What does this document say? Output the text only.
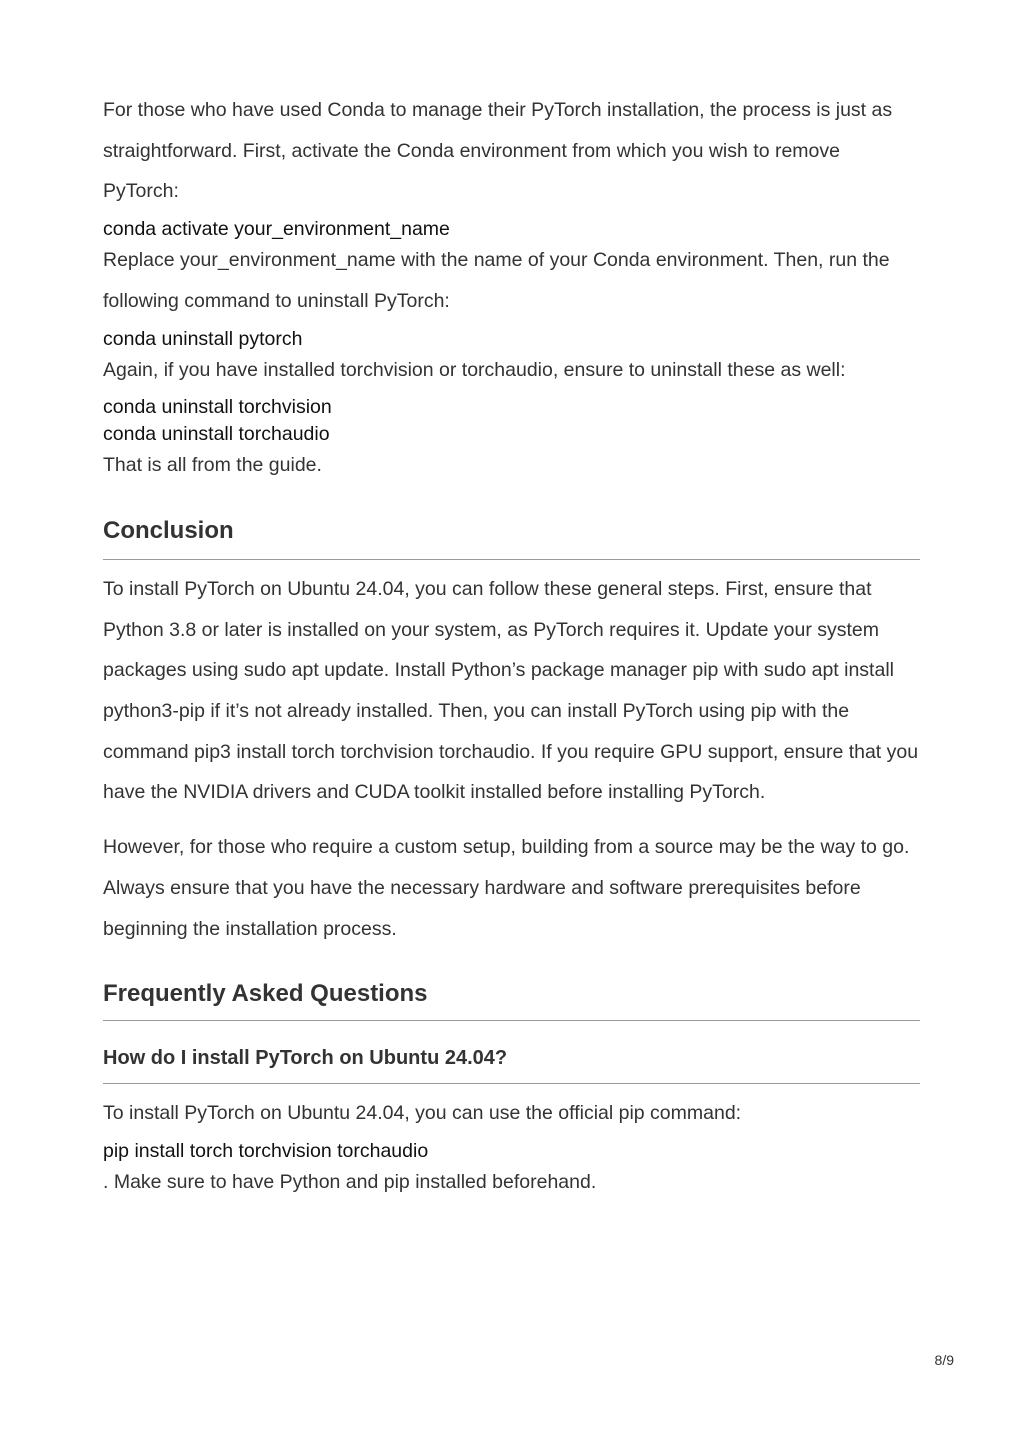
For those who have used Conda to manage their PyTorch installation, the process is just as straightforward. First, activate the Conda environment from which you wish to remove PyTorch:

conda activate your_environment_name

Replace your_environment_name with the name of your Conda environment. Then, run the following command to uninstall PyTorch:

conda uninstall pytorch

Again, if you have installed torchvision or torchaudio, ensure to uninstall these as well:

conda uninstall torchvision

conda uninstall torchaudio

That is all from the guide.

Conclusion

To install PyTorch on Ubuntu 24.04, you can follow these general steps. First, ensure that Python 3.8 or later is installed on your system, as PyTorch requires it. Update your system packages using sudo apt update. Install Python’s package manager pip with sudo apt install python3-pip if it’s not already installed. Then, you can install PyTorch using pip with the command pip3 install torch torchvision torchaudio. If you require GPU support, ensure that you have the NVIDIA drivers and CUDA toolkit installed before installing PyTorch.

However, for those who require a custom setup, building from a source may be the way to go. Always ensure that you have the necessary hardware and software prerequisites before beginning the installation process.

Frequently Asked Questions
How do I install PyTorch on Ubuntu 24.04?

To install PyTorch on Ubuntu 24.04, you can use the official pip command:

pip install torch torchvision torchaudio

. Make sure to have Python and pip installed beforehand.

8/9
